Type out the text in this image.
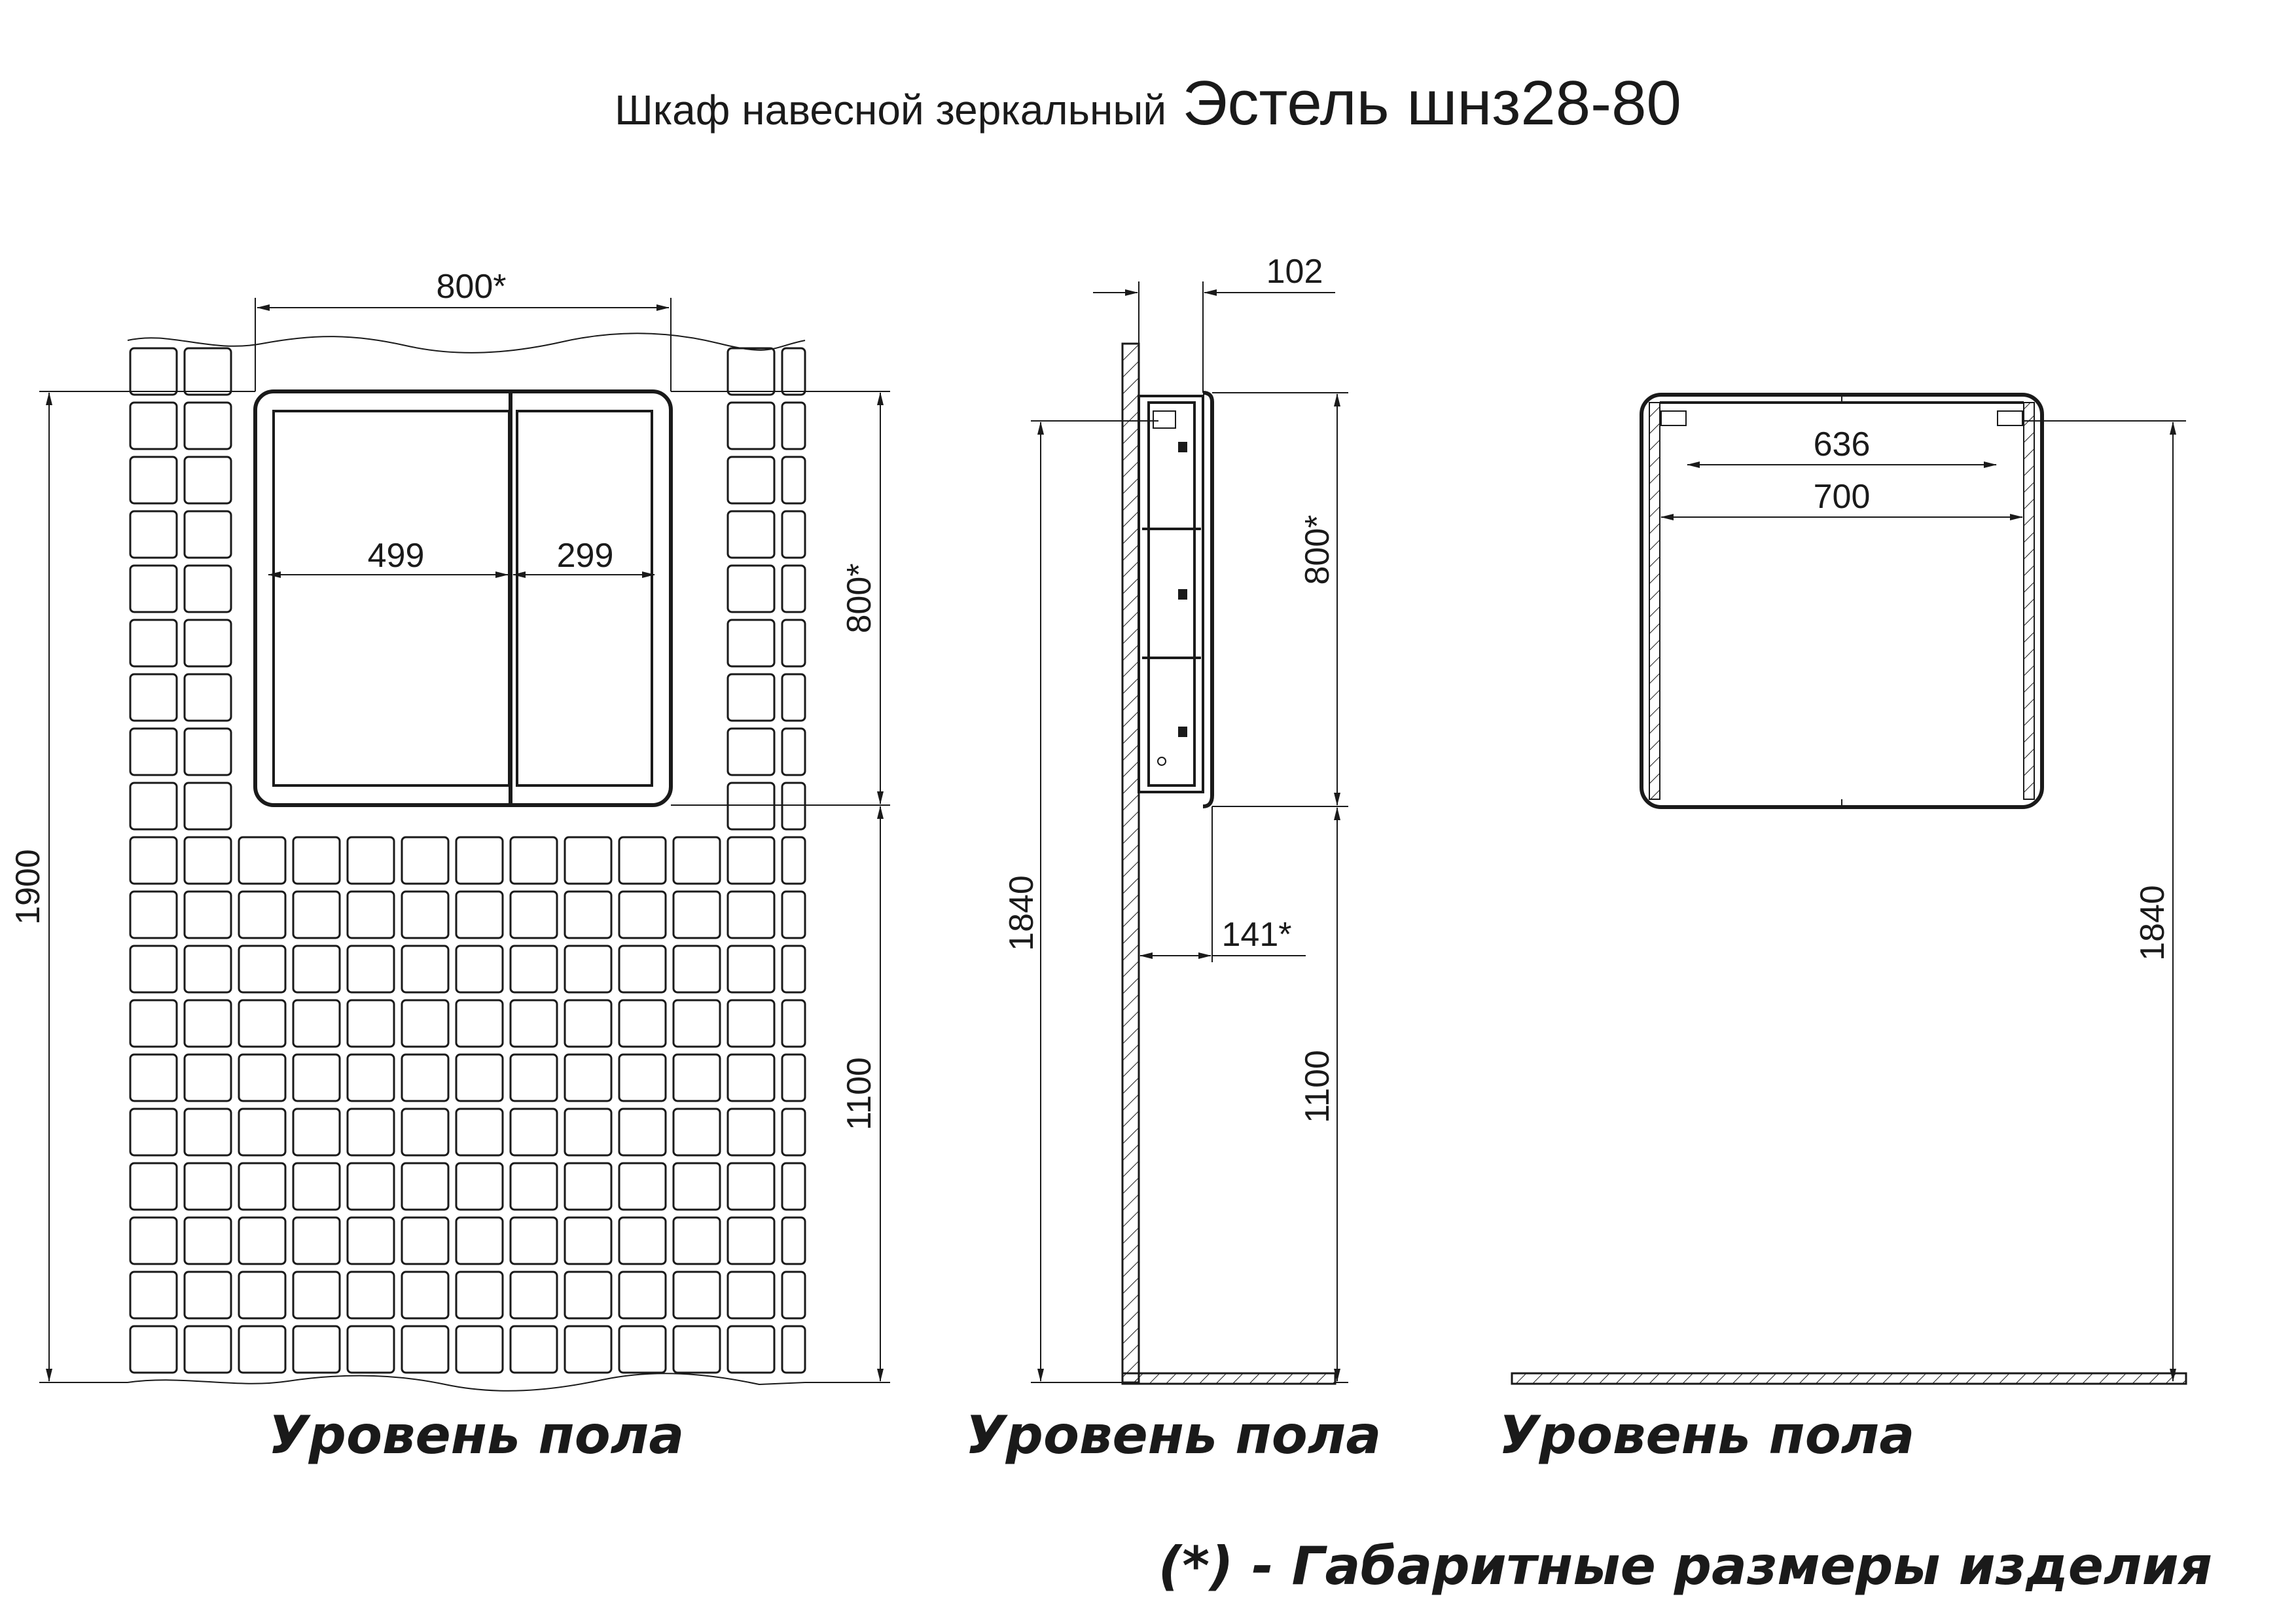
Шкаф навесной зеркальный Эстель шнз28-80
800*
499	299
800*
1100
1900
Уровень пола
102
141*
800*
1100
1840
Уровень пола
636
700
1840
Уровень пола
(*) - Габаритные размеры изделия
